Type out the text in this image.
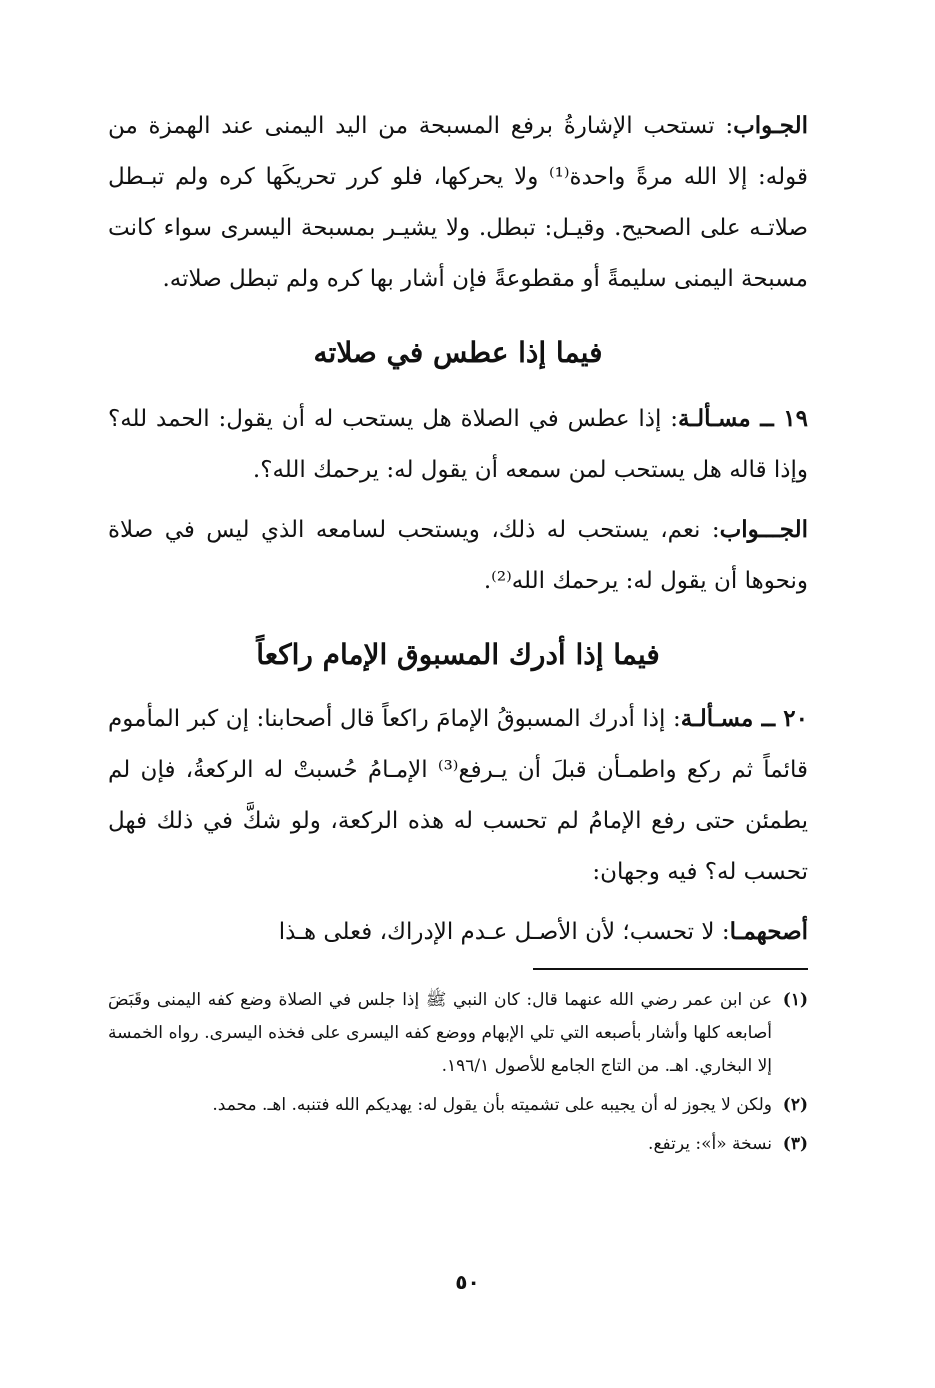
الجـواب: تستحب الإشارةُ برفع المسبحة من اليد اليمنى عند الهمزة من قوله: إلا الله مرةً واحدة⁽¹⁾ ولا يحركها، فلو كرر تحريكَها كره ولم تبـطل صلاتـه على الصحيح. وقيـل: تبطل. ولا يشيـر بمسبحة اليسرى سواء كانت مسبحة اليمنى سليمةً أو مقطوعةً فإن أشار بها كره ولم تبطل صلاته.

فيما إذا عطس في صلاته

١٩ ــ مسـألـة: إذا عطس في الصلاة هل يستحب له أن يقول: الحمد لله؟ وإذا قاله هل يستحب لمن سمعه أن يقول له: يرحمك الله؟.

الجـــواب: نعم، يستحب له ذلك، ويستحب لسامعه الذي ليس في صلاة ونحوها أن يقول له: يرحمك الله⁽²⁾.

فيما إذا أدرك المسبوق الإمام راكعاً

٢٠ ــ مسـألـة: إذا أدرك المسبوقُ الإمامَ راكعاً قال أصحابنا: إن كبر المأموم قائماً ثم ركع واطمـأن قبلَ أن يـرفع⁽³⁾ الإمـامُ حُسبتْ له الركعةُ، فإن لم يطمئن حتى رفع الإمامُ لم تحسب له هذه الركعة، ولو شكَّ في ذلك فهل تحسب له؟ فيه وجهان:

أصحهمـا: لا تحسب؛ لأن الأصـل عـدم الإدراك، فعلى هـذا

(١)
عن ابن عمر رضي الله عنهما قال: كان النبي ﷺ إذا جلس في الصلاة وضع كفه اليمنى وقَبَضَ أصابعه كلها وأشار بأصبعه التي تلي الإبهام ووضع كفه اليسرى على فخذه اليسرى. رواه الخمسة إلا البخاري. اهـ. من التاج الجامع للأصول ١٩٦/١.

(٢)
ولكن لا يجوز له أن يجيبه على تشميته بأن يقول له: يهديكم الله فتنبه. اهـ. محمد.

(٣)
نسخة «أ»: يرتفع.

٥٠
